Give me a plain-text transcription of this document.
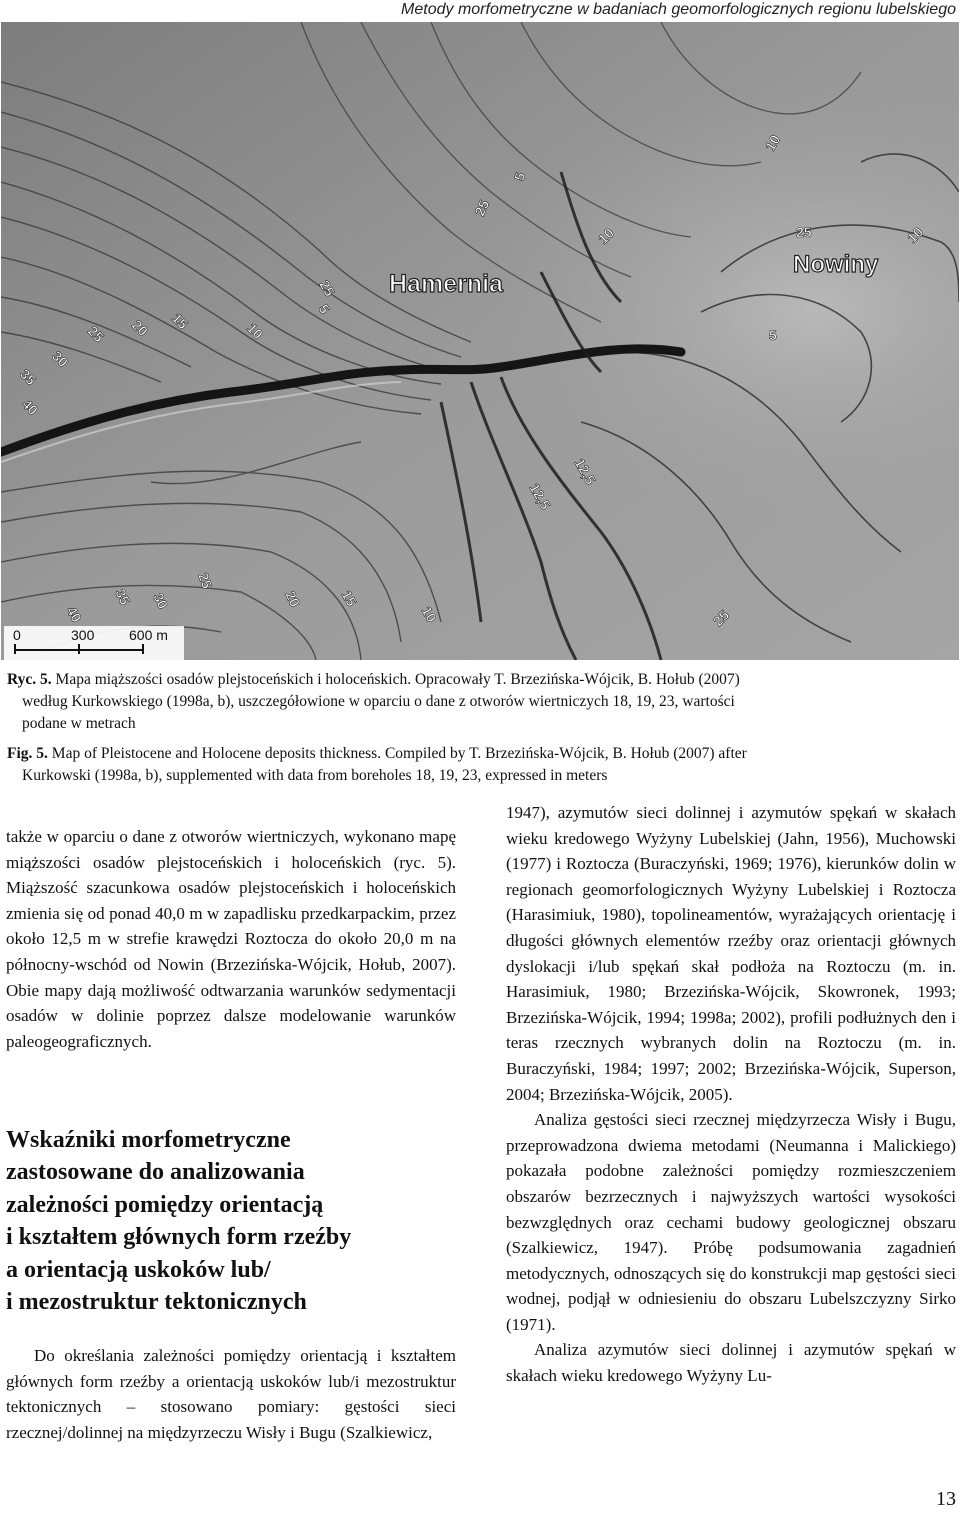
Metody morfometryczne w badaniach geomorfologicznych regionu lubelskiego
Hamernia
Nowiny
5
25
10
25	10
25
5
15
30
25 20	10
35
40
10
12,5
12,5
25
35 30	20	15
10
40	25
5
0	300 600 m
Ryc. 5. Mapa miąższości osadów plejstoceńskich i holoceńskich. Opracowały T. Brzezińska-Wójcik, B. Hołub (2007)
według Kurkowskiego (1998a, b), uszczegółowione w oparciu o dane z otworów wiertniczych 18, 19, 23, wartości
podane w metrach
Fig. 5. Map of Pleistocene and Holocene deposits thickness. Compiled by T. Brzezińska-Wójcik, B. Hołub (2007) after
Kurkowski (1998a, b), supplemented with data from boreholes 18, 19, 23, expressed in meters

także w oparciu o dane z otworów wiertniczych, wykonano mapę miąższości osadów plejstoceńskich i holoceńskich (ryc. 5). Miąższość szacunkowa osadów plejstoceńskich i holoceńskich zmienia się od ponad 40,0 m w zapadlisku przedkarpackim, przez około 12,5 m w strefie krawędzi Roztocza do około 20,0 m na północny-wschód od Nowin (Brzezińska-Wójcik, Hołub, 2007). Obie mapy dają możliwość odtwarzania warunków sedymentacji osadów w dolinie poprzez dalsze modelowanie warunków paleogeograficznych.

Wskaźniki morfometryczne
zastosowane do analizowania
zależności pomiędzy orientacją
i kształtem głównych form rzeźby
a orientacją uskoków lub/
i mezostruktur tektonicznych

Do określania zależności pomiędzy orientacją i kształtem głównych form rzeźby a orientacją uskoków lub/i mezostruktur tektonicznych – stosowano pomiary: gęstości sieci rzecznej/dolinnej na międzyrzeczu Wisły i Bugu (Szalkiewicz,

1947), azymutów sieci dolinnej i azymutów spękań w skałach wieku kredowego Wyżyny Lubelskiej (Jahn, 1956), Muchowski (1977) i Roztocza (Buraczyński, 1969; 1976), kierunków dolin w regionach geomorfologicznych Wyżyny Lubelskiej i Roztocza (Harasimiuk, 1980), topolineamentów, wyrażających orientację i długości głównych elementów rzeźby oraz orientacji głównych dyslokacji i/lub spękań skał podłoża na Roztoczu (m. in. Harasimiuk, 1980; Brzezińska-Wójcik, Skowronek, 1993; Brzezińska-Wójcik, 1994; 1998a; 2002), profili podłużnych den i teras rzecznych wybranych dolin na Roztoczu (m. in. Buraczyński, 1984; 1997; 2002; Brzezińska-Wójcik, Superson, 2004; Brzezińska-Wójcik, 2005).

Analiza gęstości sieci rzecznej międzyrzecza Wisły i Bugu, przeprowadzona dwiema metodami (Neumanna i Malickiego) pokazała podobne zależności pomiędzy rozmieszczeniem obszarów bezrzecznych i najwyższych wartości wysokości bezwzględnych oraz cechami budowy geologicznej obszaru (Szalkiewicz, 1947). Próbę podsumowania zagadnień metodycznych, odnoszących się do konstrukcji map gęstości sieci wodnej, podjął w odniesieniu do obszaru Lubelszczyzny Sirko (1971).

Analiza azymutów sieci dolinnej i azymutów spękań w skałach wieku kredowego Wyżyny Lu-

13
